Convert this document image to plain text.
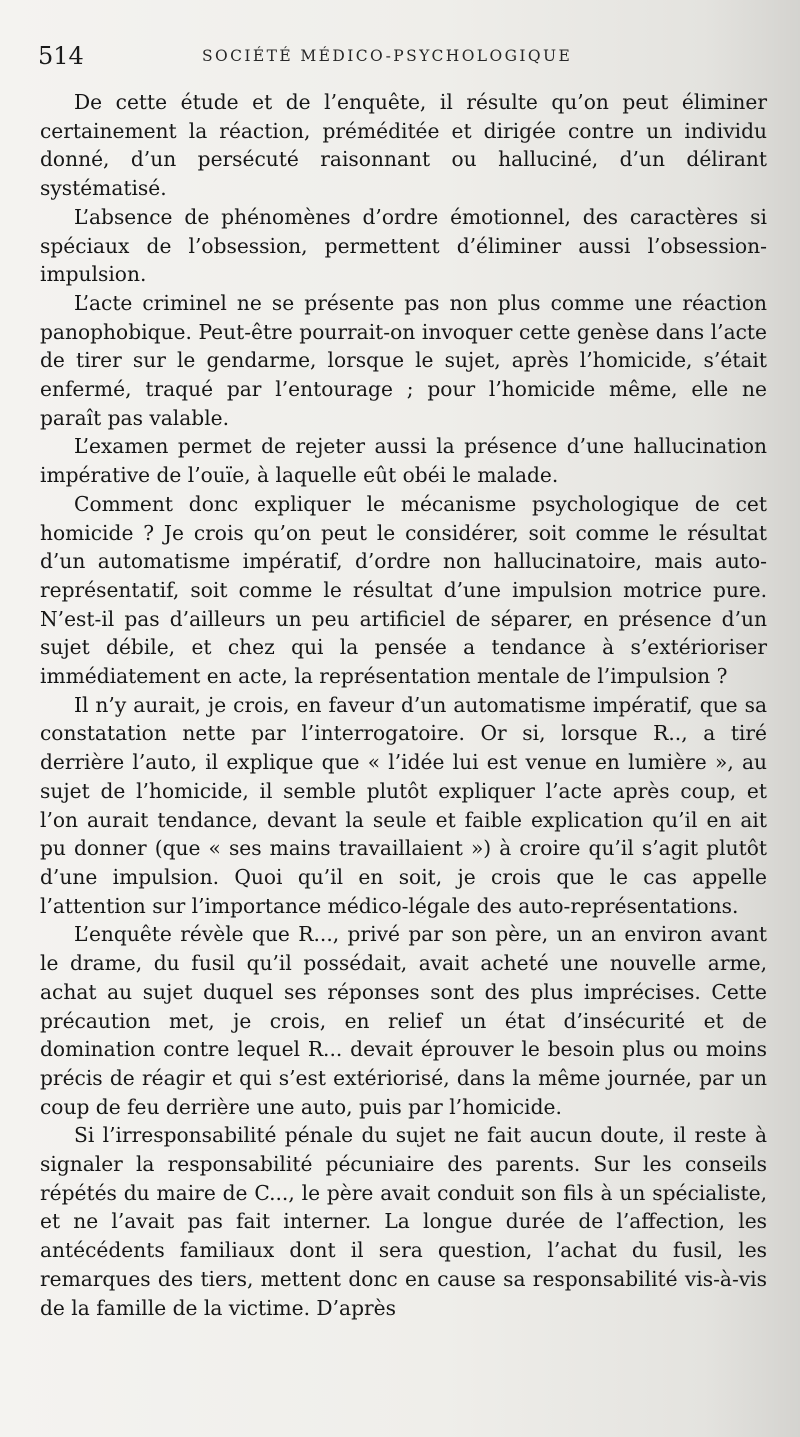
514	SOCIÉTÉ MÉDICO-PSYCHOLOGIQUE

De cette étude et de l’enquête, il résulte qu’on peut éliminer certainement la réaction, préméditée et dirigée contre un individu donné, d’un persécuté raisonnant ou halluciné, d’un délirant systématisé.

L’absence de phénomènes d’ordre émotionnel, des caractères si spéciaux de l’obsession, permettent d’éliminer aussi l’obsession-impulsion.

L’acte criminel ne se présente pas non plus comme une réaction panophobique. Peut-être pourrait-on invoquer cette genèse dans l’acte de tirer sur le gendarme, lorsque le sujet, après l’homicide, s’était enfermé, traqué par l’entourage ; pour l’homicide même, elle ne paraît pas valable.

L’examen permet de rejeter aussi la présence d’une hallucination impérative de l’ouïe, à laquelle eût obéi le malade.

Comment donc expliquer le mécanisme psychologique de cet homicide ? Je crois qu’on peut le considérer, soit comme le résultat d’un automatisme impératif, d’ordre non hallucinatoire, mais auto-représentatif, soit comme le résultat d’une impulsion motrice pure. N’est-il pas d’ailleurs un peu artificiel de séparer, en présence d’un sujet débile, et chez qui la pensée a tendance à s’extérioriser immédiatement en acte, la représentation mentale de l’impulsion ?

Il n’y aurait, je crois, en faveur d’un automatisme impératif, que sa constatation nette par l’interrogatoire. Or si, lorsque R.., a tiré derrière l’auto, il explique que « l’idée lui est venue en lumière », au sujet de l’homicide, il semble plutôt expliquer l’acte après coup, et l’on aurait tendance, devant la seule et faible explication qu’il en ait pu donner (que « ses mains travaillaient ») à croire qu’il s’agit plutôt d’une impulsion. Quoi qu’il en soit, je crois que le cas appelle l’attention sur l’importance médico-légale des auto-représentations.

L’enquête révèle que R..., privé par son père, un an environ avant le drame, du fusil qu’il possédait, avait acheté une nouvelle arme, achat au sujet duquel ses réponses sont des plus imprécises. Cette précaution met, je crois, en relief un état d’insécurité et de domination contre lequel R... devait éprouver le besoin plus ou moins précis de réagir et qui s’est extériorisé, dans la même journée, par un coup de feu derrière une auto, puis par l’homicide.

Si l’irresponsabilité pénale du sujet ne fait aucun doute, il reste à signaler la responsabilité pécuniaire des parents. Sur les conseils répétés du maire de C..., le père avait conduit son fils à un spécialiste, et ne l’avait pas fait interner. La longue durée de l’affection, les antécédents familiaux dont il sera question, l’achat du fusil, les remarques des tiers, mettent donc en cause sa responsabilité vis-à-vis de la famille de la victime. D’après
